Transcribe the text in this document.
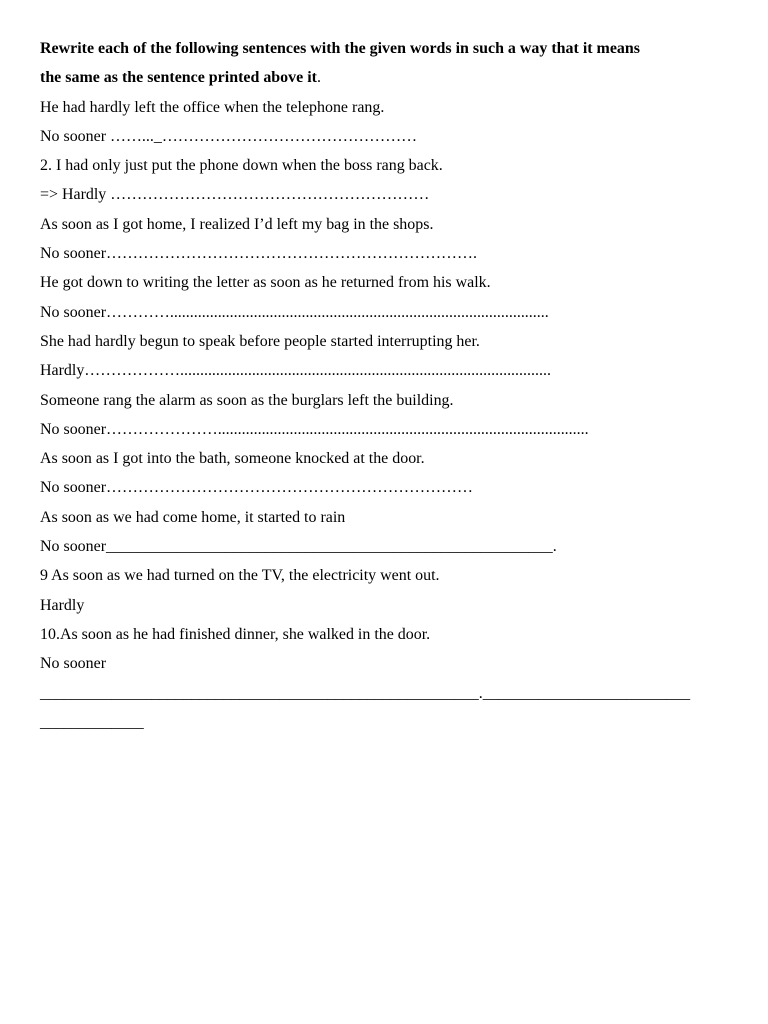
Rewrite each of the following sentences with the given words in such a way that it means
the same as the sentence printed above it.
He had hardly left the office when the telephone rang.
No sooner ……..._…………………………………………
2. I had only just put the phone down when the boss rang back.
=> Hardly ……………………………………………………
As soon as I got home, I realized I’d left my bag in the shops.
No sooner…………………………………………………………….
He got down to writing the letter as soon as he returned from his walk.
No sooner…………...............................................................................................
She had hardly begun to speak before people started interrupting her.
Hardly……………….............................................................................................
Someone rang the alarm as soon as the burglars left the building.
No sooner………………….............................................................................................
As soon as I got into the bath, someone knocked at the door.
No sooner……………………………………………………………
As soon as we had come home, it started to rain
No sooner________________________________________________________.
9 As soon as we had turned on the TV, the electricity went out.
Hardly
10.As soon as he had finished dinner, she walked in the door.
No sooner
_______________________________________________________.__________________________
_____________
